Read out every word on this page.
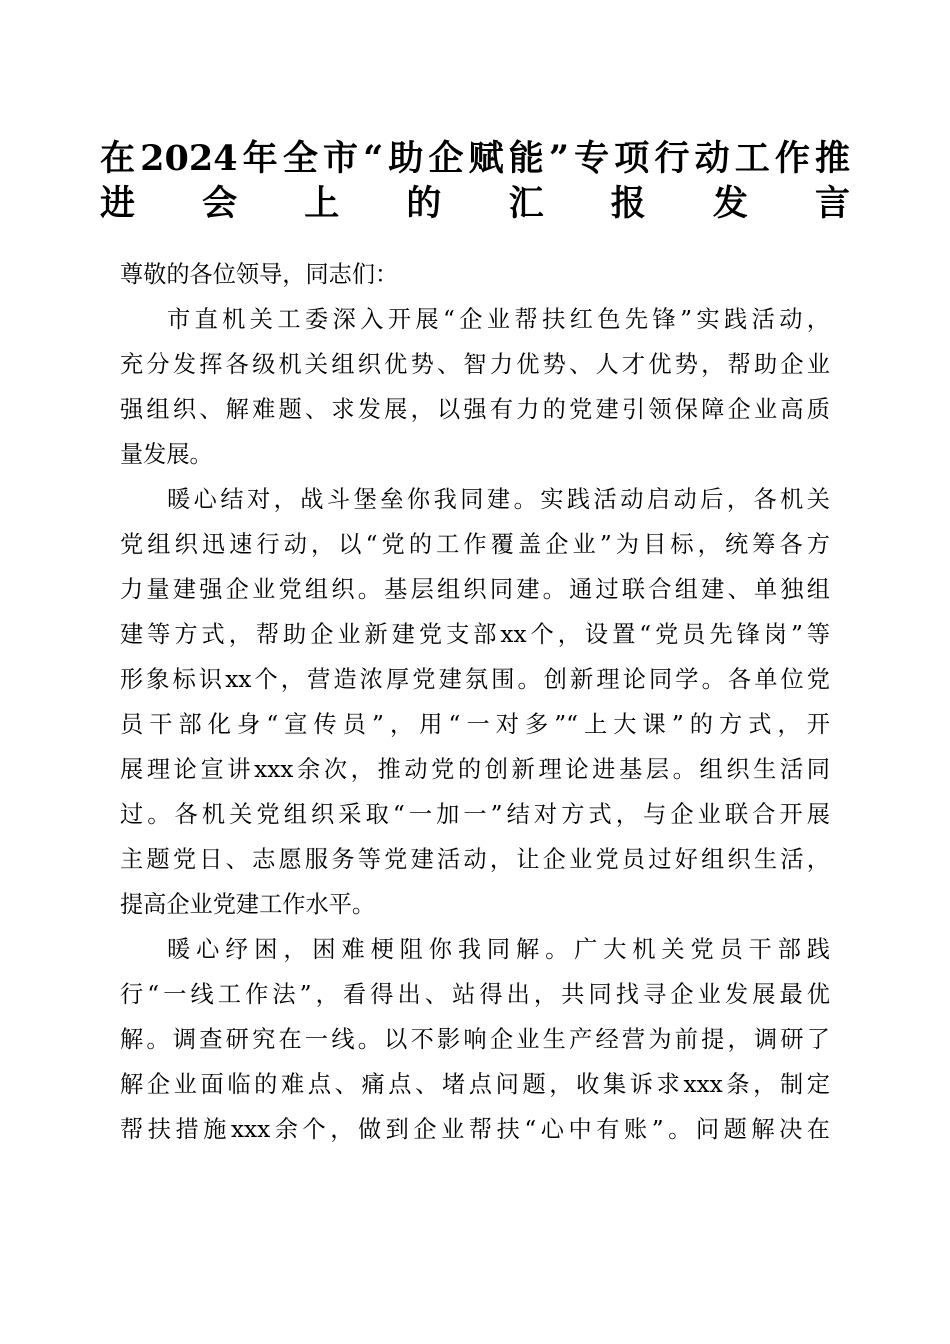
在2024年全市“助企赋能”专项行动工作推
进会上的汇报发言
尊敬的各位领导，同志们：
市直机关工委深入开展“企业帮扶红色先锋”实践活动，
充分发挥各级机关组织优势、智力优势、人才优势，帮助企业
强组织、解难题、求发展，以强有力的党建引领保障企业高质
量发展。
暖心结对，战斗堡垒你我同建。实践活动启动后，各机关
党组织迅速行动，以“党的工作覆盖企业”为目标，统筹各方
力量建强企业党组织。基层组织同建。通过联合组建、单独组
建等方式，帮助企业新建党支部xx个，设置“党员先锋岗”等
形象标识xx个，营造浓厚党建氛围。创新理论同学。各单位党
员干部化身“宣传员”，用“一对多”“上大课”的方式，开
展理论宣讲xxx余次，推动党的创新理论进基层。组织生活同
过。各机关党组织采取“一加一”结对方式，与企业联合开展
主题党日、志愿服务等党建活动，让企业党员过好组织生活，
提高企业党建工作水平。
暖心纾困，困难梗阻你我同解。广大机关党员干部践
行“一线工作法”，看得出、站得出，共同找寻企业发展最优
解。调查研究在一线。以不影响企业生产经营为前提，调研了
解企业面临的难点、痛点、堵点问题，收集诉求xxx条，制定
帮扶措施xxx余个，做到企业帮扶“心中有账”。问题解决在
